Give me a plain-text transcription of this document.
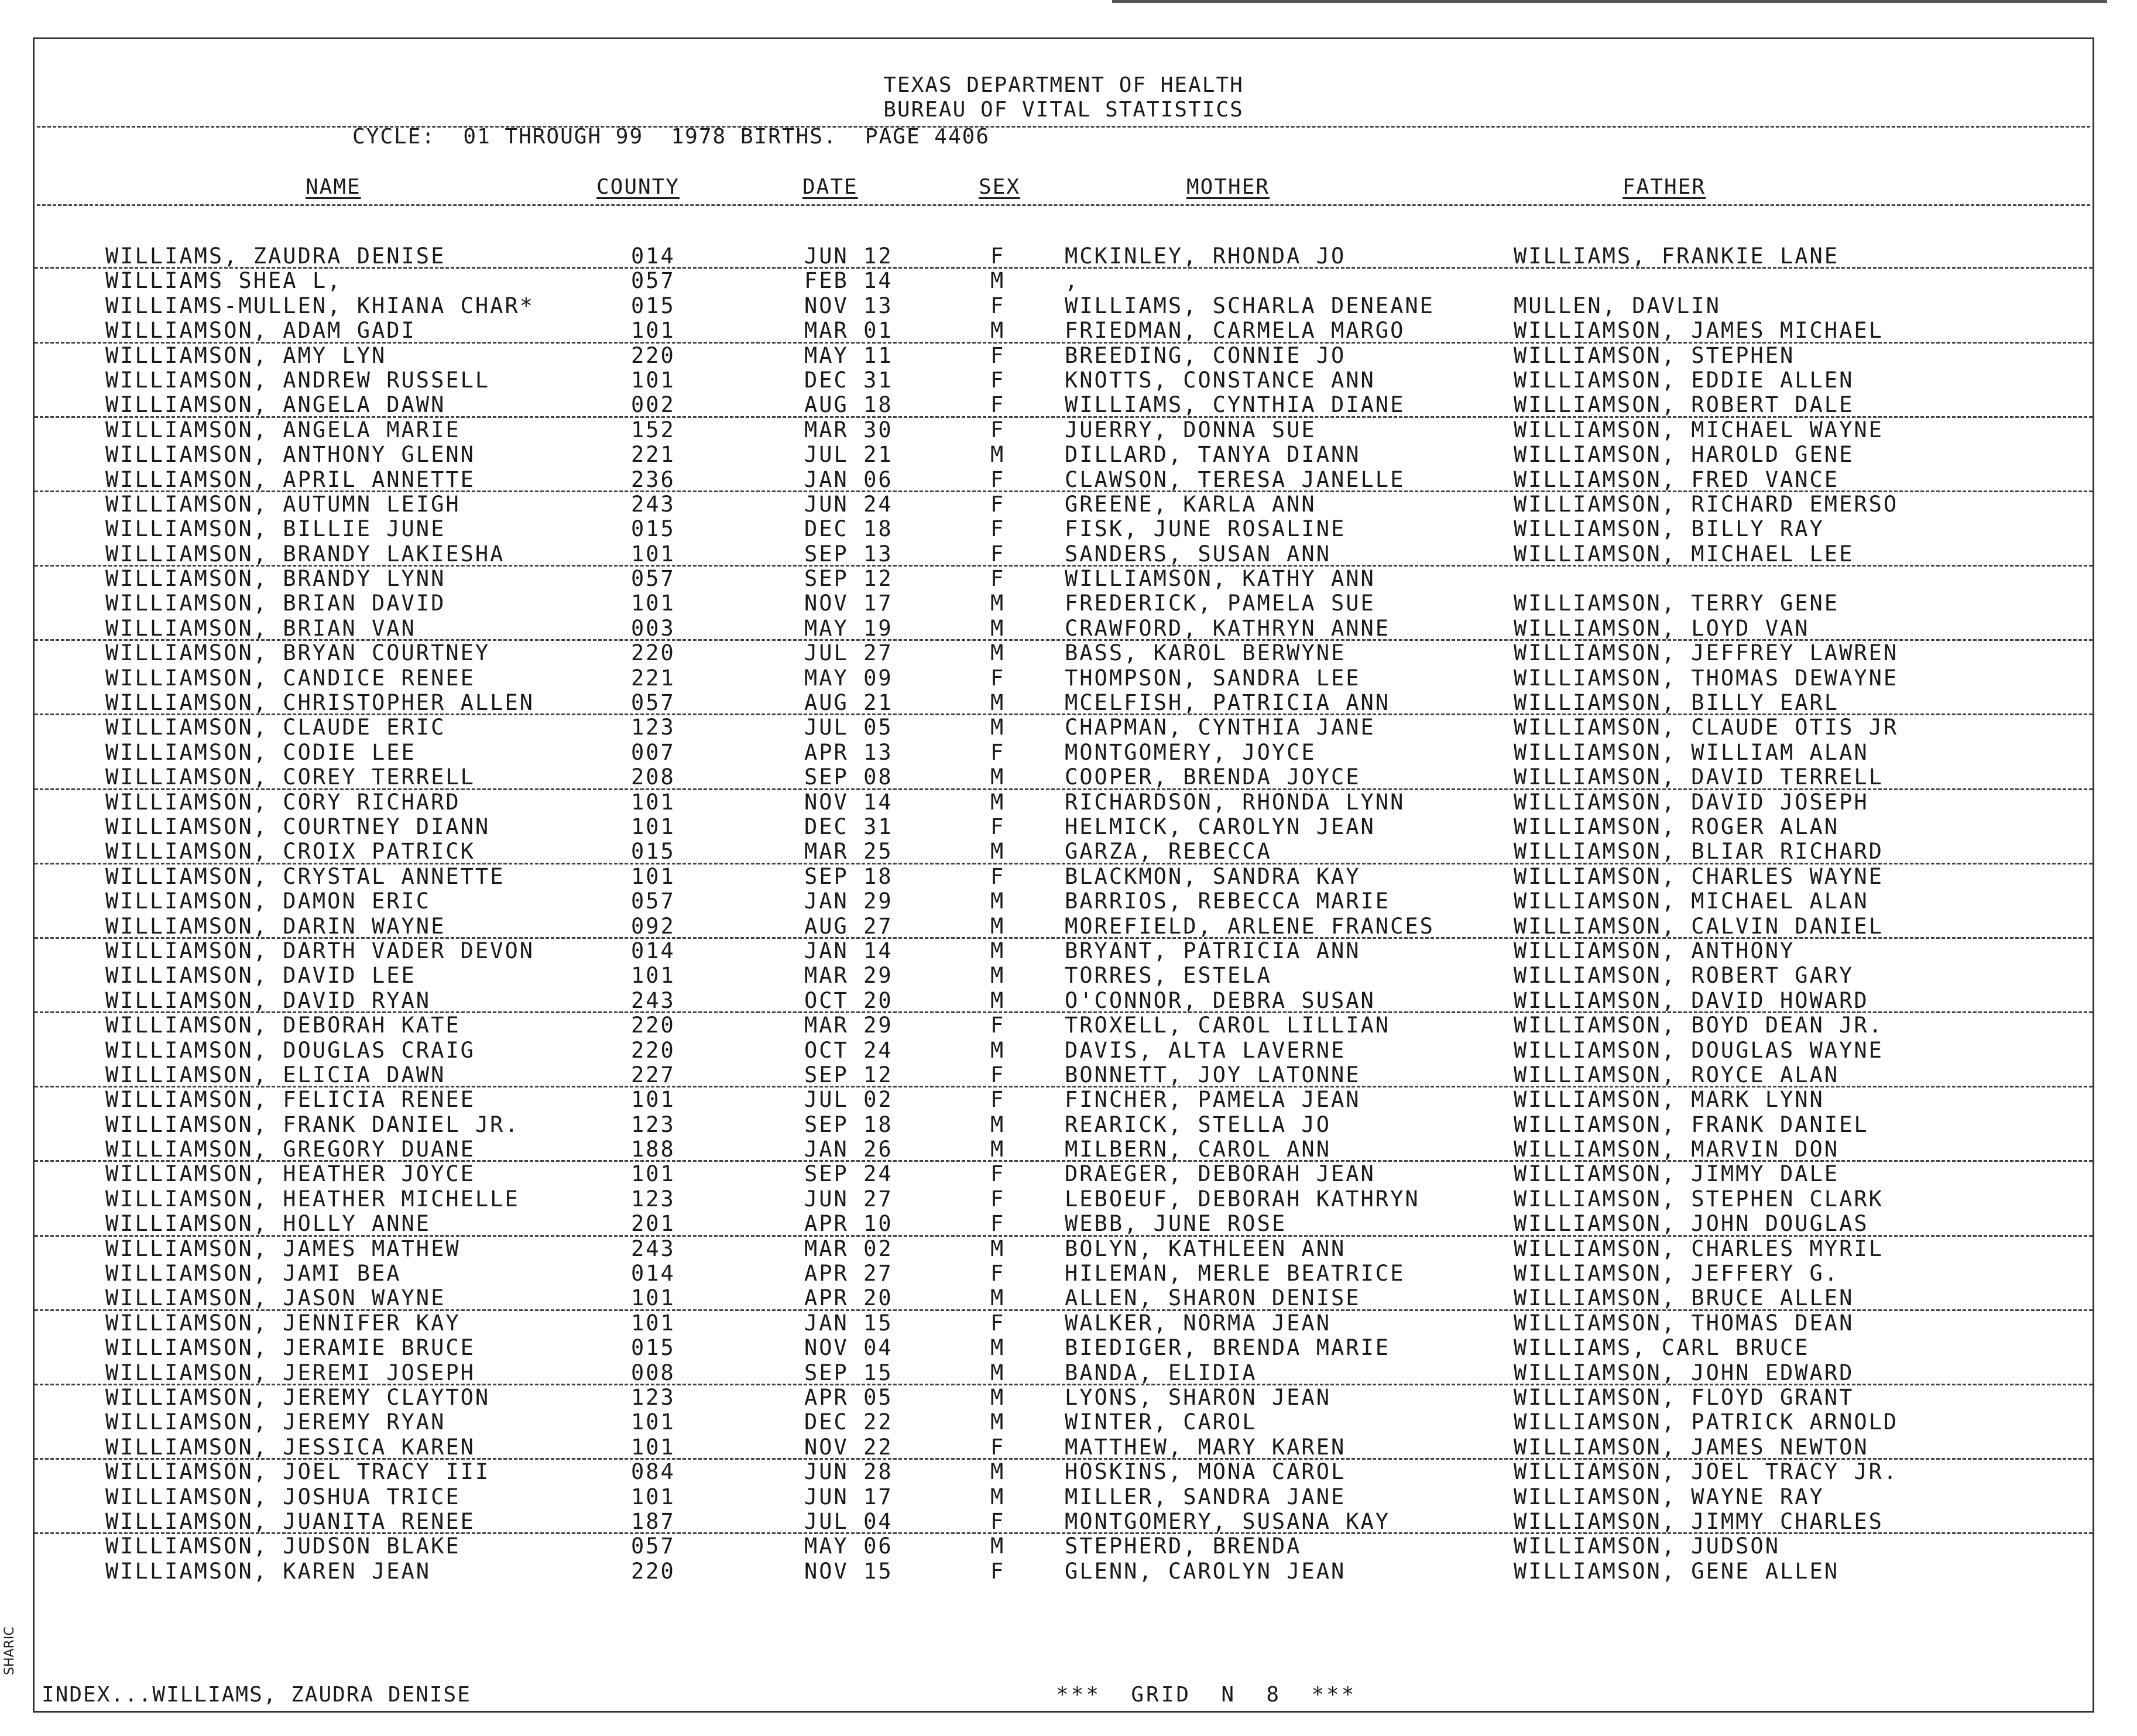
TEXAS DEPARTMENT OF HEALTH
BUREAU OF VITAL STATISTICS
CYCLE:  01 THROUGH 99  1978 BIRTHS.  PAGE 4406
NAME	COUNTY	DATE	SEX	MOTHER	FATHER
WILLIAMS, ZAUDRA DENISE	014	JUN 12	F	MCKINLEY, RHONDA JO	WILLIAMS, FRANKIE LANE
WILLIAMS SHEA L,	057	FEB 14	M	,
WILLIAMS-MULLEN, KHIANA CHAR*	015	NOV 13	F	WILLIAMS, SCHARLA DENEANE	MULLEN, DAVLIN
WILLIAMSON, ADAM GADI	101	MAR 01	M	FRIEDMAN, CARMELA MARGO	WILLIAMSON, JAMES MICHAEL
WILLIAMSON, AMY LYN	220	MAY 11	F	BREEDING, CONNIE JO	WILLIAMSON, STEPHEN
WILLIAMSON, ANDREW RUSSELL	101	DEC 31	F	KNOTTS, CONSTANCE ANN	WILLIAMSON, EDDIE ALLEN
WILLIAMSON, ANGELA DAWN	002	AUG 18	F	WILLIAMS, CYNTHIA DIANE	WILLIAMSON, ROBERT DALE
WILLIAMSON, ANGELA MARIE	152	MAR 30	F	JUERRY, DONNA SUE	WILLIAMSON, MICHAEL WAYNE
WILLIAMSON, ANTHONY GLENN	221	JUL 21	M	DILLARD, TANYA DIANN	WILLIAMSON, HAROLD GENE
WILLIAMSON, APRIL ANNETTE	236	JAN 06	F	CLAWSON, TERESA JANELLE	WILLIAMSON, FRED VANCE
WILLIAMSON, AUTUMN LEIGH	243	JUN 24	F	GREENE, KARLA ANN	WILLIAMSON, RICHARD EMERSO
WILLIAMSON, BILLIE JUNE	015	DEC 18	F	FISK, JUNE ROSALINE	WILLIAMSON, BILLY RAY
WILLIAMSON, BRANDY LAKIESHA	101	SEP 13	F	SANDERS, SUSAN ANN	WILLIAMSON, MICHAEL LEE
WILLIAMSON, BRANDY LYNN	057	SEP 12	F	WILLIAMSON, KATHY ANN
WILLIAMSON, BRIAN DAVID	101	NOV 17	M	FREDERICK, PAMELA SUE	WILLIAMSON, TERRY GENE
WILLIAMSON, BRIAN VAN	003	MAY 19	M	CRAWFORD, KATHRYN ANNE	WILLIAMSON, LOYD VAN
WILLIAMSON, BRYAN COURTNEY	220	JUL 27	M	BASS, KAROL BERWYNE	WILLIAMSON, JEFFREY LAWREN
WILLIAMSON, CANDICE RENEE	221	MAY 09	F	THOMPSON, SANDRA LEE	WILLIAMSON, THOMAS DEWAYNE
WILLIAMSON, CHRISTOPHER ALLEN	057	AUG 21	M	MCELFISH, PATRICIA ANN	WILLIAMSON, BILLY EARL
WILLIAMSON, CLAUDE ERIC	123	JUL 05	M	CHAPMAN, CYNTHIA JANE	WILLIAMSON, CLAUDE OTIS JR
WILLIAMSON, CODIE LEE	007	APR 13	F	MONTGOMERY, JOYCE	WILLIAMSON, WILLIAM ALAN
WILLIAMSON, COREY TERRELL	208	SEP 08	M	COOPER, BRENDA JOYCE	WILLIAMSON, DAVID TERRELL
WILLIAMSON, CORY RICHARD	101	NOV 14	M	RICHARDSON, RHONDA LYNN	WILLIAMSON, DAVID JOSEPH
WILLIAMSON, COURTNEY DIANN	101	DEC 31	F	HELMICK, CAROLYN JEAN	WILLIAMSON, ROGER ALAN
WILLIAMSON, CROIX PATRICK	015	MAR 25	M	GARZA, REBECCA	WILLIAMSON, BLIAR RICHARD
WILLIAMSON, CRYSTAL ANNETTE	101	SEP 18	F	BLACKMON, SANDRA KAY	WILLIAMSON, CHARLES WAYNE
WILLIAMSON, DAMON ERIC	057	JAN 29	M	BARRIOS, REBECCA MARIE	WILLIAMSON, MICHAEL ALAN
WILLIAMSON, DARIN WAYNE	092	AUG 27	M	MOREFIELD, ARLENE FRANCES	WILLIAMSON, CALVIN DANIEL
WILLIAMSON, DARTH VADER DEVON	014	JAN 14	M	BRYANT, PATRICIA ANN	WILLIAMSON, ANTHONY
WILLIAMSON, DAVID LEE	101	MAR 29	M	TORRES, ESTELA	WILLIAMSON, ROBERT GARY
WILLIAMSON, DAVID RYAN	243	OCT 20	M	O'CONNOR, DEBRA SUSAN	WILLIAMSON, DAVID HOWARD
WILLIAMSON, DEBORAH KATE	220	MAR 29	F	TROXELL, CAROL LILLIAN	WILLIAMSON, BOYD DEAN JR.
WILLIAMSON, DOUGLAS CRAIG	220	OCT 24	M	DAVIS, ALTA LAVERNE	WILLIAMSON, DOUGLAS WAYNE
WILLIAMSON, ELICIA DAWN	227	SEP 12	F	BONNETT, JOY LATONNE	WILLIAMSON, ROYCE ALAN
WILLIAMSON, FELICIA RENEE	101	JUL 02	F	FINCHER, PAMELA JEAN	WILLIAMSON, MARK LYNN
WILLIAMSON, FRANK DANIEL JR.	123	SEP 18	M	REARICK, STELLA JO	WILLIAMSON, FRANK DANIEL
WILLIAMSON, GREGORY DUANE	188	JAN 26	M	MILBERN, CAROL ANN	WILLIAMSON, MARVIN DON
WILLIAMSON, HEATHER JOYCE	101	SEP 24	F	DRAEGER, DEBORAH JEAN	WILLIAMSON, JIMMY DALE
WILLIAMSON, HEATHER MICHELLE	123	JUN 27	F	LEBOEUF, DEBORAH KATHRYN	WILLIAMSON, STEPHEN CLARK
WILLIAMSON, HOLLY ANNE	201	APR 10	F	WEBB, JUNE ROSE	WILLIAMSON, JOHN DOUGLAS
WILLIAMSON, JAMES MATHEW	243	MAR 02	M	BOLYN, KATHLEEN ANN	WILLIAMSON, CHARLES MYRIL
WILLIAMSON, JAMI BEA	014	APR 27	F	HILEMAN, MERLE BEATRICE	WILLIAMSON, JEFFERY G.
WILLIAMSON, JASON WAYNE	101	APR 20	M	ALLEN, SHARON DENISE	WILLIAMSON, BRUCE ALLEN
WILLIAMSON, JENNIFER KAY	101	JAN 15	F	WALKER, NORMA JEAN	WILLIAMSON, THOMAS DEAN
WILLIAMSON, JERAMIE BRUCE	015	NOV 04	M	BIEDIGER, BRENDA MARIE	WILLIAMS, CARL BRUCE
WILLIAMSON, JEREMI JOSEPH	008	SEP 15	M	BANDA, ELIDIA	WILLIAMSON, JOHN EDWARD
WILLIAMSON, JEREMY CLAYTON	123	APR 05	M	LYONS, SHARON JEAN	WILLIAMSON, FLOYD GRANT
WILLIAMSON, JEREMY RYAN	101	DEC 22	M	WINTER, CAROL	WILLIAMSON, PATRICK ARNOLD
WILLIAMSON, JESSICA KAREN	101	NOV 22	F	MATTHEW, MARY KAREN	WILLIAMSON, JAMES NEWTON
WILLIAMSON, JOEL TRACY III	084	JUN 28	M	HOSKINS, MONA CAROL	WILLIAMSON, JOEL TRACY JR.
WILLIAMSON, JOSHUA TRICE	101	JUN 17	M	MILLER, SANDRA JANE	WILLIAMSON, WAYNE RAY
WILLIAMSON, JUANITA RENEE	187	JUL 04	F	MONTGOMERY, SUSANA KAY	WILLIAMSON, JIMMY CHARLES
WILLIAMSON, JUDSON BLAKE	057	MAY 06	M	STEPHERD, BRENDA	WILLIAMSON, JUDSON
WILLIAMSON, KAREN JEAN	220	NOV 15	F	GLENN, CAROLYN JEAN	WILLIAMSON, GENE ALLEN
INDEX...WILLIAMS, ZAUDRA DENISE	***  GRID  N  8  ***
SHARIC
